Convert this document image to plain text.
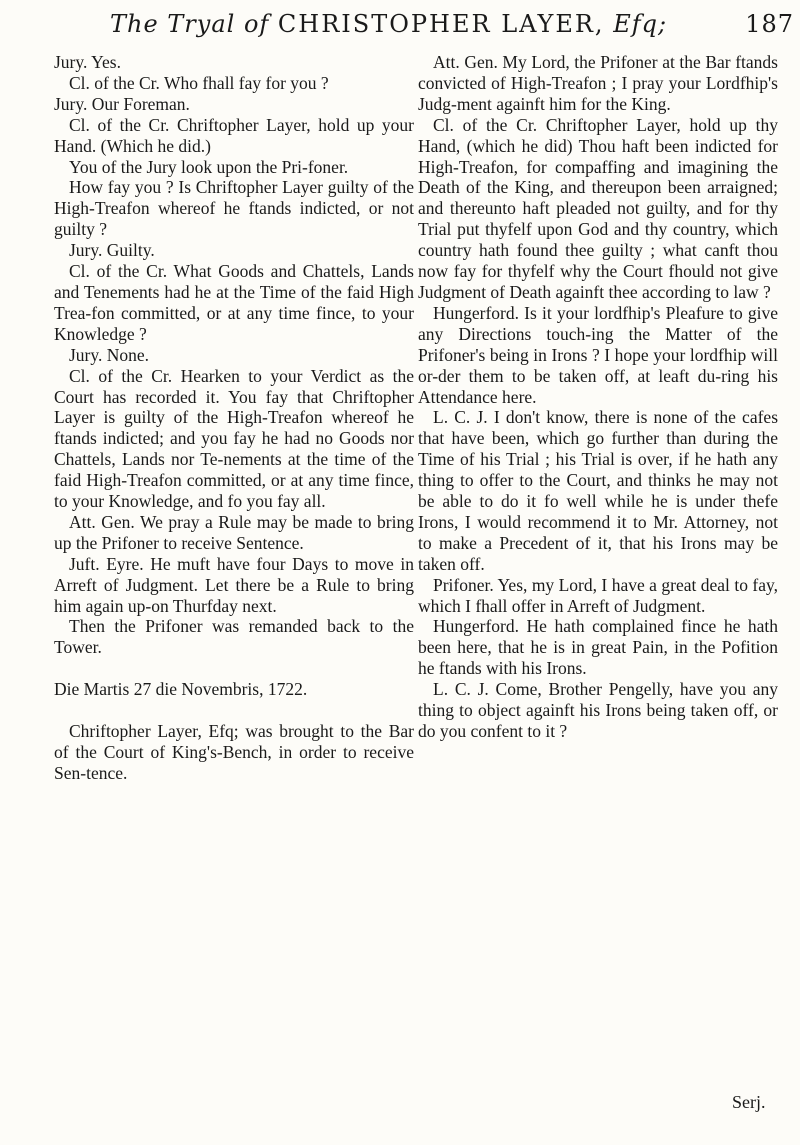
The Tryal of CHRISTOPHER LAYER, Efq;	187

Jury. Yes.

Cl. of the Cr. Who fhall fay for you ?

Jury. Our Foreman.

Cl. of the Cr. Chriftopher Layer, hold up your Hand. (Which he did.)

You of the Jury look upon the Pri-foner.

How fay you ? Is Chriftopher Layer guilty of the High-Treafon whereof he ftands indicted, or not guilty ?

Jury. Guilty.

Cl. of the Cr. What Goods and Chattels, Lands and Tenements had he at the Time of the faid High Trea-fon committed, or at any time fince, to your Knowledge ?

Jury. None.

Cl. of the Cr. Hearken to your Verdict as the Court has recorded it. You fay that Chriftopher Layer is guilty of the High-Treafon whereof he ftands indicted; and you fay he had no Goods nor Chattels, Lands nor Te-nements at the time of the faid High-Treafon committed, or at any time fince, to your Knowledge, and fo you fay all.

Att. Gen. We pray a Rule may be made to bring up the Prifoner to receive Sentence.

Juft. Eyre. He muft have four Days to move in Arreft of Judgment. Let there be a Rule to bring him again up-on Thurfday next.

Then the Prifoner was remanded back to the Tower.

Die Martis 27 die Novembris, 1722.

Chriftopher Layer, Efq; was brought to the Bar of the Court of King's-Bench, in order to receive Sen-tence.

Att. Gen. My Lord, the Prifoner at the Bar ftands convicted of High-Treafon ; I pray your Lordfhip's Judg-ment againft him for the King.

Cl. of the Cr. Chriftopher Layer, hold up thy Hand, (which he did) Thou haft been indicted for High-Treafon, for compaffing and imagining the Death of the King, and thereupon been arraigned; and thereunto haft pleaded not guilty, and for thy Trial put thyfelf upon God and thy country, which country hath found thee guilty ; what canft thou now fay for thyfelf why the Court fhould not give Judgment of Death againft thee according to law ?

Hungerford. Is it your lordfhip's Pleafure to give any Directions touch-ing the Matter of the Prifoner's being in Irons ? I hope your lordfhip will or-der them to be taken off, at leaft du-ring his Attendance here.

L. C. J. I don't know, there is none of the cafes that have been, which go further than during the Time of his Trial ; his Trial is over, if he hath any thing to offer to the Court, and thinks he may not be able to do it fo well while he is under thefe Irons, I would recommend it to Mr. Attorney, not to make a Precedent of it, that his Irons may be taken off.

Prifoner. Yes, my Lord, I have a great deal to fay, which I fhall offer in Arreft of Judgment.

Hungerford. He hath complained fince he hath been here, that he is in great Pain, in the Pofition he ftands with his Irons.

L. C. J. Come, Brother Pengelly, have you any thing to object againft his Irons being taken off, or do you confent to it ?

Serj.
